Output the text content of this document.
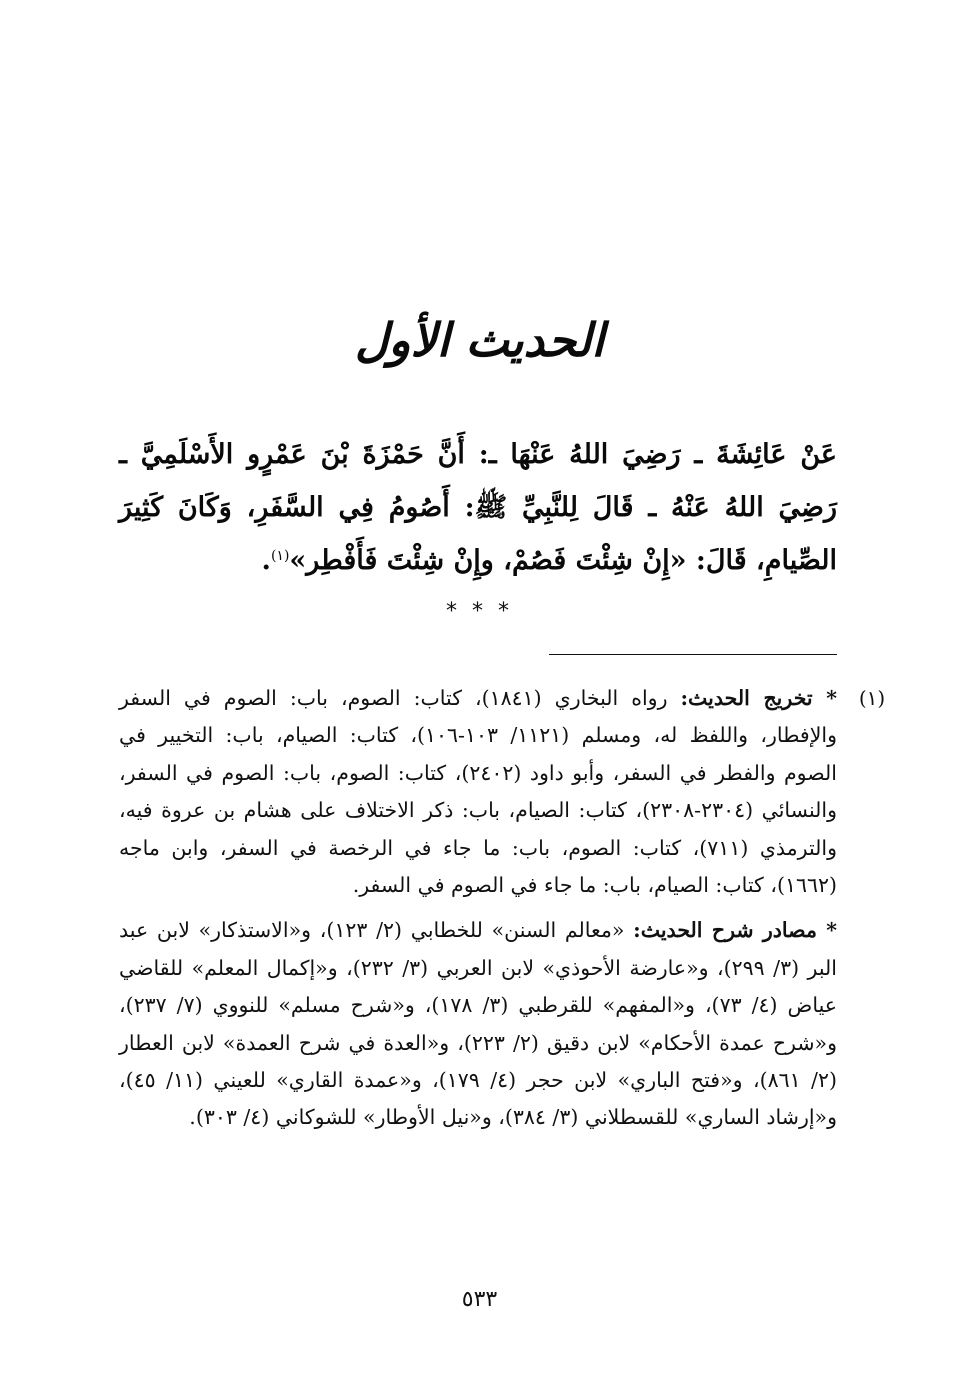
الحديث الأول
عَنْ عَائِشَةَ ـ رَضِيَ اللهُ عَنْهَا ـ: أَنَّ حَمْزَةَ بْنَ عَمْرٍو الأَسْلَمِيَّ ـ رَضِيَ اللهُ عَنْهُ ـ قَالَ لِلنَّبِيِّ ﷺ: أَصُومُ فِي السَّفَرِ، وَكَانَ كَثِيرَ الصِّيامِ، قَالَ: «إِنْ شِئْتَ فَصُمْ، وإِنْ شِئْتَ فَأَفْطِر»$^{(١)}$.
* * *
(١)

* تخريج الحديث: رواه البخاري (١٨٤١)، كتاب: الصوم، باب: الصوم في السفر والإفطار، واللفظ له، ومسلم (١١٢١/ ١٠٣-١٠٦)، كتاب: الصيام، باب: التخيير في الصوم والفطر في السفر، وأبو داود (٢٤٠٢)، كتاب: الصوم، باب: الصوم في السفر، والنسائي (٢٣٠٤-٢٣٠٨)، كتاب: الصيام، باب: ذكر الاختلاف على هشام بن عروة فيه، والترمذي (٧١١)، كتاب: الصوم، باب: ما جاء في الرخصة في السفر، وابن ماجه (١٦٦٢)، كتاب: الصيام، باب: ما جاء في الصوم في السفر.

* مصادر شرح الحديث: «معالم السنن» للخطابي (٢/ ١٢٣)، و«الاستذكار» لابن عبد البر (٣/ ٢٩٩)، و«عارضة الأحوذي» لابن العربي (٣/ ٢٣٢)، و«إكمال المعلم» للقاضي عياض (٤/ ٧٣)، و«المفهم» للقرطبي (٣/ ١٧٨)، و«شرح مسلم» للنووي (٧/ ٢٣٧)، و«شرح عمدة الأحكام» لابن دقيق (٢/ ٢٢٣)، و«العدة في شرح العمدة» لابن العطار (٢/ ٨٦١)، و«فتح الباري» لابن حجر (٤/ ١٧٩)، و«عمدة القاري» للعيني (١١/ ٤٥)، و«إرشاد الساري» للقسطلاني (٣/ ٣٨٤)، و«نيل الأوطار» للشوكاني (٤/ ٣٠٣).

٥٣٣
